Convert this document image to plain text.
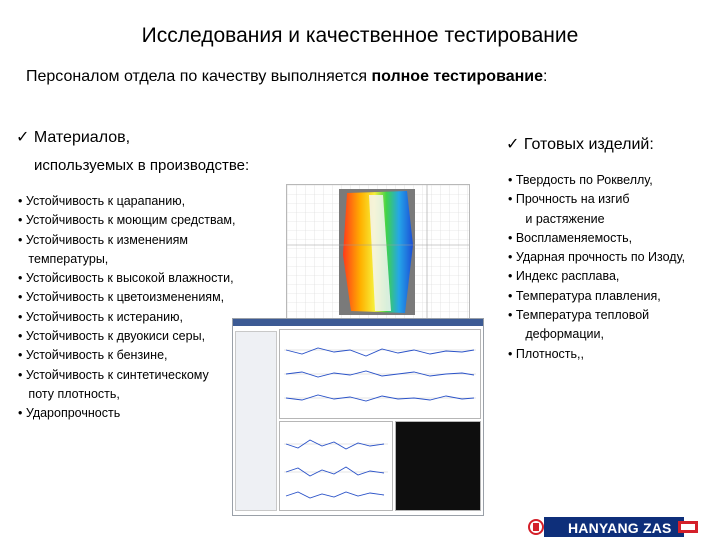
Исследования и качественное тестирование
Персоналом отдела по качеству выполняется полное тестирование:
✓ Материалов,
используемых в производстве:
✓ Готовых изделий:
• Устойчивость к царапанию,
• Устойчивость к моющим средствам,
• Устойчивость к изменениям
температуры,
• Устойсивость к высокой влажности,
• Устойчивость к цветоизменениям,
• Устойчивость к истеранию,
• Устойчивость к двуокиси серы,
• Устойчивость к бензине,
• Устойчивость к синтетическому
поту плотность,
• Ударопрочность
• Твердость по Роквеллу,
• Прочность на изгиб
и растяжение
• Воспламеняемость,
• Ударная прочность по Изоду,
• Индекс расплава,
• Температура плавления,
• Температура тепловой
деформации,
• Плотность,,
HANYANG ZAS
